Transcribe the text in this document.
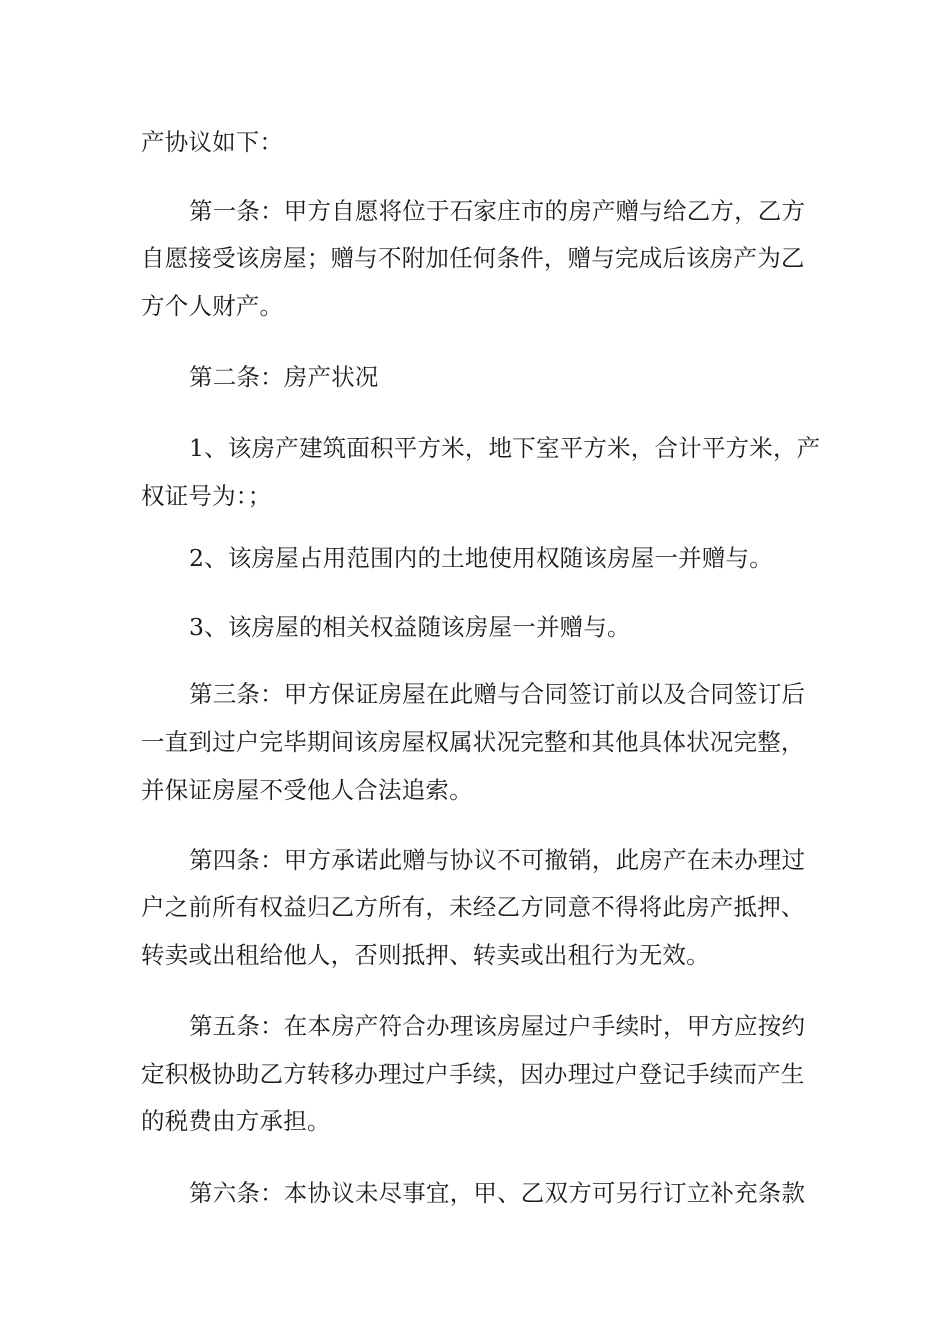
产协议如下：
第一条：甲方自愿将位于石家庄市的房产赠与给乙方，乙方
自愿接受该房屋；赠与不附加任何条件，赠与完成后该房产为乙
方个人财产。
第二条：房产状况
1、该房产建筑面积平方米，地下室平方米，合计平方米，产
权证号为：；
2、该房屋占用范围内的土地使用权随该房屋一并赠与。
3、该房屋的相关权益随该房屋一并赠与。
第三条：甲方保证房屋在此赠与合同签订前以及合同签订后
一直到过户完毕期间该房屋权属状况完整和其他具体状况完整，
并保证房屋不受他人合法追索。
第四条：甲方承诺此赠与协议不可撤销，此房产在未办理过
户之前所有权益归乙方所有，未经乙方同意不得将此房产抵押、
转卖或出租给他人，否则抵押、转卖或出租行为无效。
第五条：在本房产符合办理该房屋过户手续时，甲方应按约
定积极协助乙方转移办理过户手续，因办理过户登记手续而产生
的税费由方承担。
第六条：本协议未尽事宜，甲、乙双方可另行订立补充条款
